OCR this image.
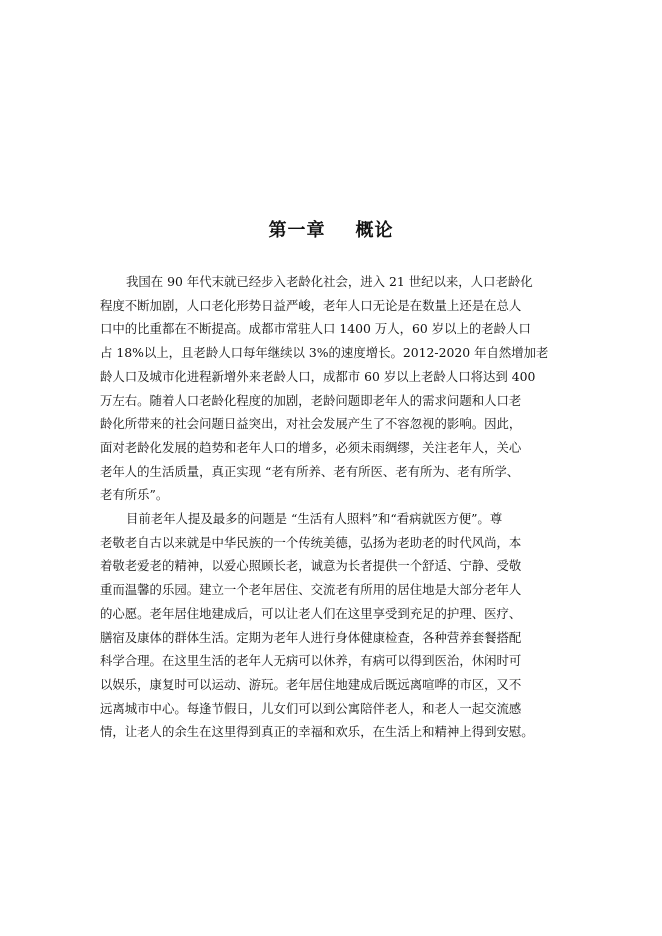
第一章 概论
我国在 90 年代末就已经步入老龄化社会，进入 21 世纪以来，人口老龄化
程度不断加剧，人口老化形势日益严峻，老年人口无论是在数量上还是在总人
口中的比重都在不断提高。成都市常驻人口 1400 万人，60 岁以上的老龄人口
占 18%以上，且老龄人口每年继续以 3%的速度增长。2012-2020 年自然增加老
龄人口及城市化进程新增外来老龄人口，成都市 60 岁以上老龄人口将达到 400
万左右。随着人口老龄化程度的加剧，老龄问题即老年人的需求问题和人口老
龄化所带来的社会问题日益突出，对社会发展产生了不容忽视的影响。因此，
面对老龄化发展的趋势和老年人口的增多，必须未雨绸缪，关注老年人，关心
老年人的生活质量，真正实现 “老有所养、老有所医、老有所为、老有所学、
老有所乐”。
目前老年人提及最多的问题是 “生活有人照料”和“看病就医方便”。尊
老敬老自古以来就是中华民族的一个传统美德，弘扬为老助老的时代风尚，本
着敬老爱老的精神，以爱心照顾长老，诚意为长者提供一个舒适、宁静、受敬
重而温馨的乐园。建立一个老年居住、交流老有所用的居住地是大部分老年人
的心愿。老年居住地建成后，可以让老人们在这里享受到充足的护理、医疗、
膳宿及康体的群体生活。定期为老年人进行身体健康检查，各种营养套餐搭配
科学合理。在这里生活的老年人无病可以休养，有病可以得到医治，休闲时可
以娱乐，康复时可以运动、游玩。老年居住地建成后既远离喧哗的市区，又不
远离城市中心。每逢节假日，儿女们可以到公寓陪伴老人，和老人一起交流感
情，让老人的余生在这里得到真正的幸福和欢乐，在生活上和精神上得到安慰。
